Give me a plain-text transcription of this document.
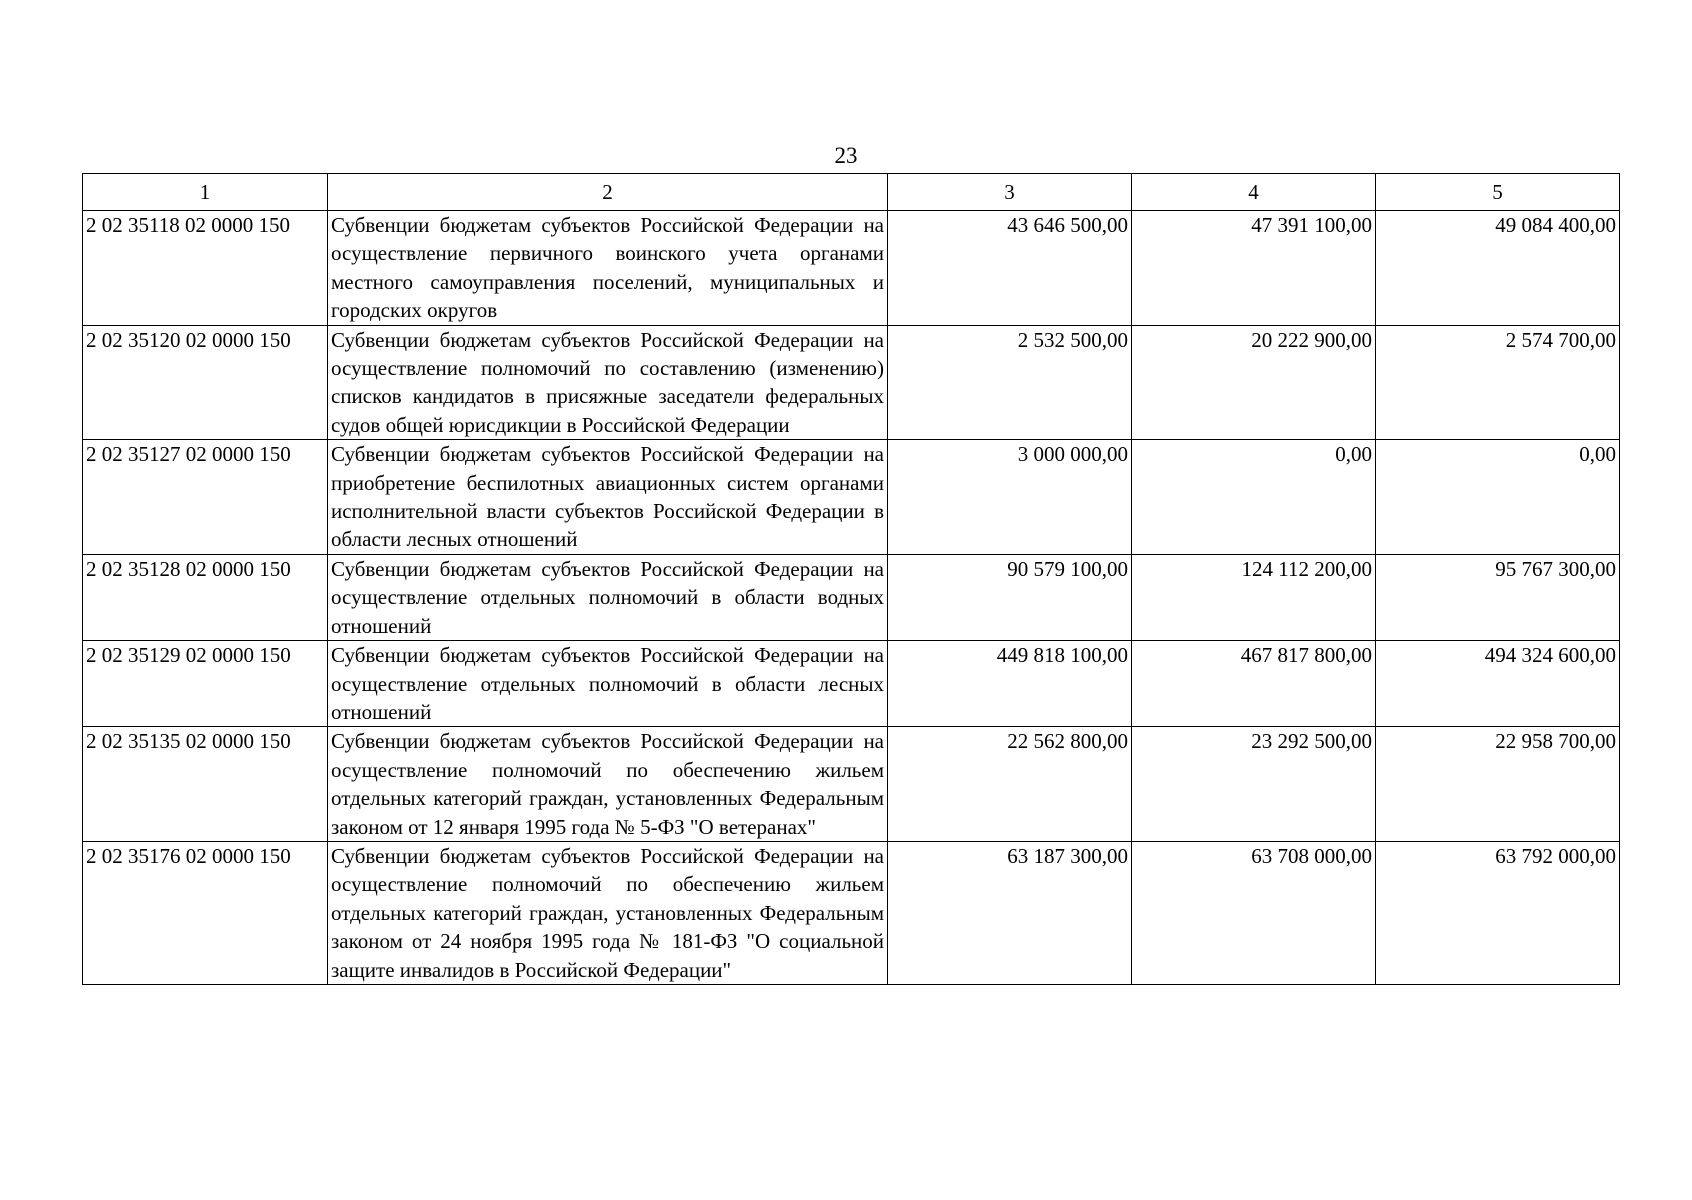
23
1	2	3	4	5
2 02 35118 02 0000 150	Субвенции бюджетам субъектов Российской Федерации на осуществление первичного воинского учета органами местного самоуправления поселений, муниципальных и городских округов	43 646 500,00	47 391 100,00	49 084 400,00
2 02 35120 02 0000 150	Субвенции бюджетам субъектов Российской Федерации на осуществление полномочий по составлению (изменению) списков кандидатов в присяжные заседатели федеральных судов общей юрисдикции в Российской Федерации	2 532 500,00	20 222 900,00	2 574 700,00
2 02 35127 02 0000 150	Субвенции бюджетам субъектов Российской Федерации на приобретение беспилотных авиационных систем органами исполнительной власти субъектов Российской Федерации в области лесных отношений	3 000 000,00	0,00	0,00
2 02 35128 02 0000 150	Субвенции бюджетам субъектов Российской Федерации на осуществление отдельных полномочий в области водных отношений	90 579 100,00	124 112 200,00	95 767 300,00
2 02 35129 02 0000 150	Субвенции бюджетам субъектов Российской Федерации на осуществление отдельных полномочий в области лесных отношений	449 818 100,00	467 817 800,00	494 324 600,00
2 02 35135 02 0000 150	Субвенции бюджетам субъектов Российской Федерации на осуществление полномочий по обеспечению жильем отдельных категорий граждан, установленных Федеральным законом от 12 января 1995 года № 5-ФЗ "О ветеранах"	22 562 800,00	23 292 500,00	22 958 700,00
2 02 35176 02 0000 150	Субвенции бюджетам субъектов Российской Федерации на осуществление полномочий по обеспечению жильем отдельных категорий граждан, установленных Федеральным законом от 24 ноября 1995 года № 181-ФЗ "О социальной защите инвалидов в Российской Федерации"	63 187 300,00	63 708 000,00	63 792 000,00
